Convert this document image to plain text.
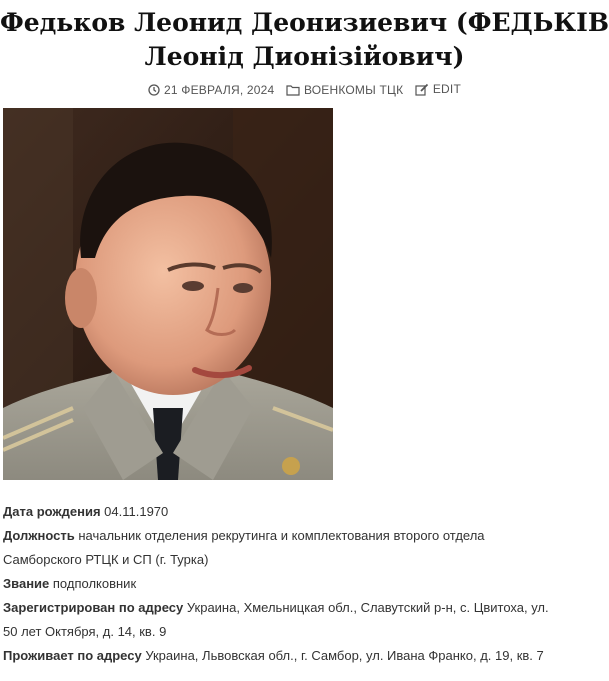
Федьков Леонид Деонизиевич (ФЕДЬКІВ
Леонід Дионізійович)
21 ФЕВРАЛЯ, 2024
ВОЕНКОМЫ ТЦК
EDIT

Дата рождения 04.11.1970

Должность начальник отделения рекрутинга и комплектования второго отдела
Самборского РТЦК и СП (г. Турка)

Звание подполковник

Зарегистрирован по адресу Украина, Хмельницкая обл., Славутский р-н, с. Цвитоха, ул.
50 лет Октября, д. 14, кв. 9

Проживает по адресу Украина, Львовская обл., г. Самбор, ул. Ивана Франко, д. 19, кв. 7
